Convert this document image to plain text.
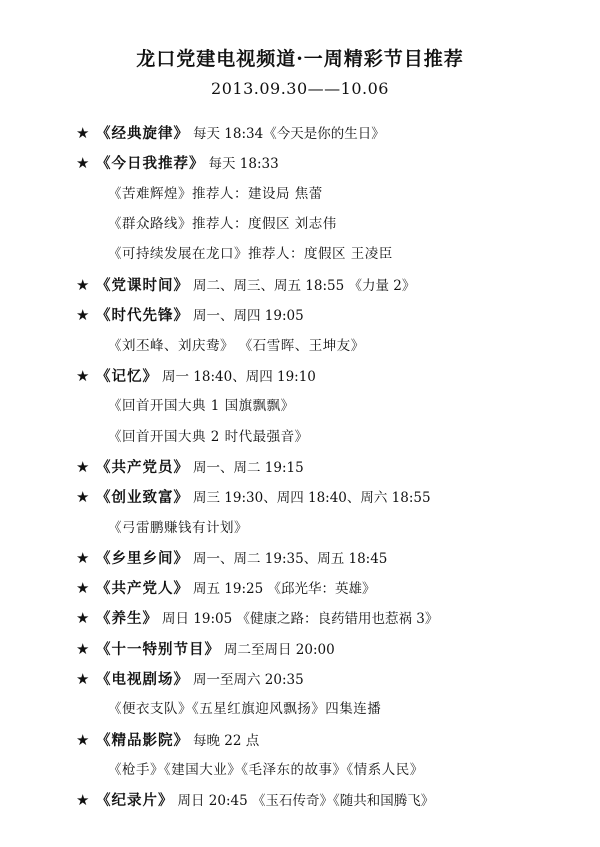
龙口党建电视频道·一周精彩节目推荐
2013.09.30——10.06
★ 《经典旋律》 每天 18:34《今天是你的生日》
★ 《今日我推荐》 每天 18:33
《苦难辉煌》推荐人：建设局 焦蕾
《群众路线》推荐人：度假区 刘志伟
《可持续发展在龙口》推荐人：度假区 王凌臣
★ 《党课时间》 周二、周三、周五 18:55 《力量 2》
★ 《时代先锋》 周一、周四 19:05
《刘丕峰、刘庆鸯》 《石雪晖、王坤友》
★ 《记忆》 周一 18:40、周四 19:10
《回首开国大典 1 国旗飘飘》
《回首开国大典 2 时代最强音》
★ 《共产党员》 周一、周二 19:15
★ 《创业致富》 周三 19:30、周四 18:40、周六 18:55
《弓雷鹏赚钱有计划》
★ 《乡里乡间》 周一、周二 19:35、周五 18:45
★ 《共产党人》 周五 19:25 《邱光华：英雄》
★ 《养生》 周日 19:05 《健康之路：良药错用也惹祸 3》
★ 《十一特别节目》 周二至周日 20:00
★ 《电视剧场》 周一至周六 20:35
《便衣支队》《五星红旗迎风飘扬》四集连播
★ 《精品影院》 每晚 22 点
《枪手》《建国大业》《毛泽东的故事》《情系人民》
★ 《纪录片》 周日 20:45 《玉石传奇》《随共和国腾飞》
